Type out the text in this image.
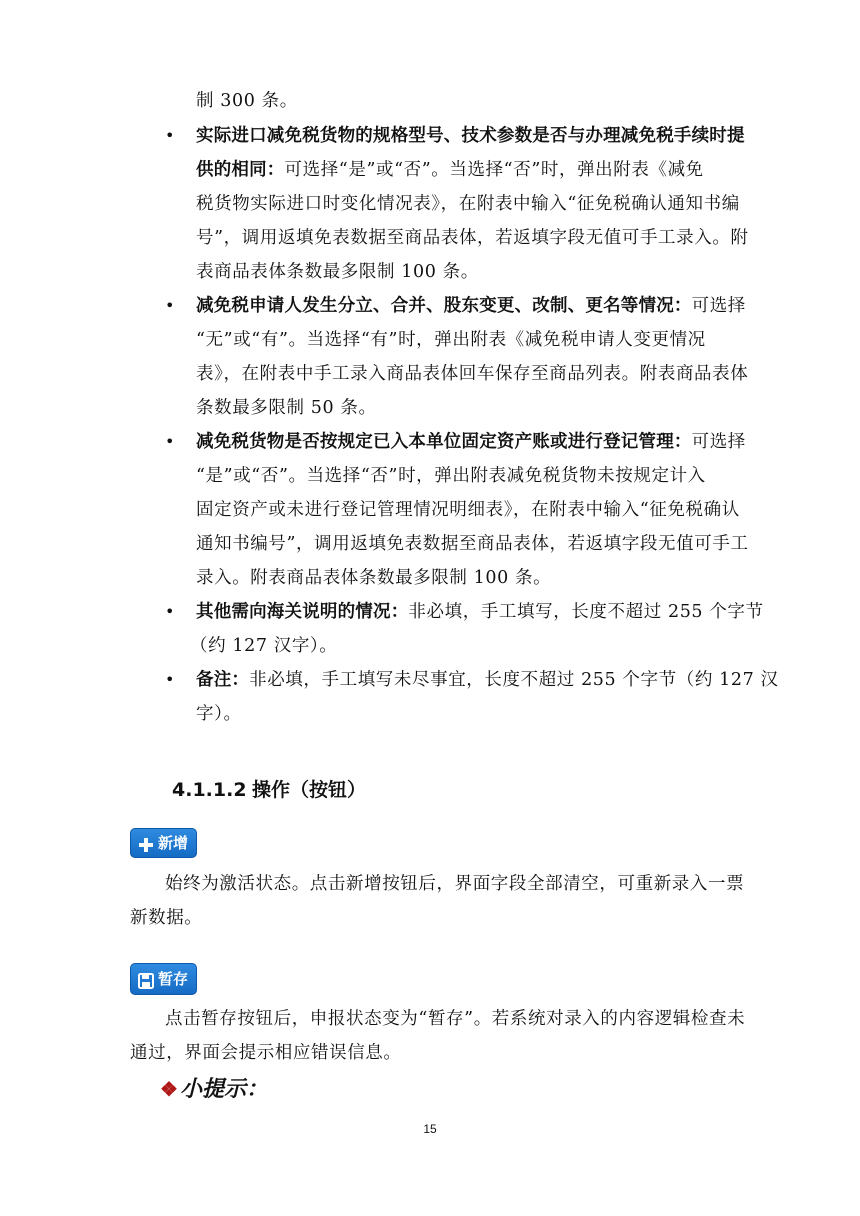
制 300 条。
• 实际进口减免税货物的规格型号、技术参数是否与办理减免税手续时提
供的相同：可选择“是”或“否”。当选择“否”时，弹出附表《减免
税货物实际进口时变化情况表》，在附表中输入“征免税确认通知书编
号”，调用返填免表数据至商品表体，若返填字段无值可手工录入。附
表商品表体条数最多限制 100 条。
• 减免税申请人发生分立、合并、股东变更、改制、更名等情况：可选择
“无”或“有”。当选择“有”时，弹出附表《减免税申请人变更情况
表》，在附表中手工录入商品表体回车保存至商品列表。附表商品表体
条数最多限制 50 条。
• 减免税货物是否按规定已入本单位固定资产账或进行登记管理：可选择
“是”或“否”。当选择“否”时，弹出附表减免税货物未按规定计入
固定资产或未进行登记管理情况明细表》，在附表中输入“征免税确认
通知书编号”，调用返填免表数据至商品表体，若返填字段无值可手工
录入。附表商品表体条数最多限制 100 条。
• 其他需向海关说明的情况：非必填，手工填写，长度不超过 255 个字节
（约 127 汉字）。
• 备注：非必填，手工填写未尽事宜，长度不超过 255 个字节（约 127 汉
字）。
4.1.1.2 操作（按钮）
新增
始终为激活状态。点击新增按钮后，界面字段全部清空，可重新录入一票
新数据。
暂存
点击暂存按钮后，申报状态变为“暂存”。若系统对录入的内容逻辑检查未
通过，界面会提示相应错误信息。
❖ 小提示：
15
